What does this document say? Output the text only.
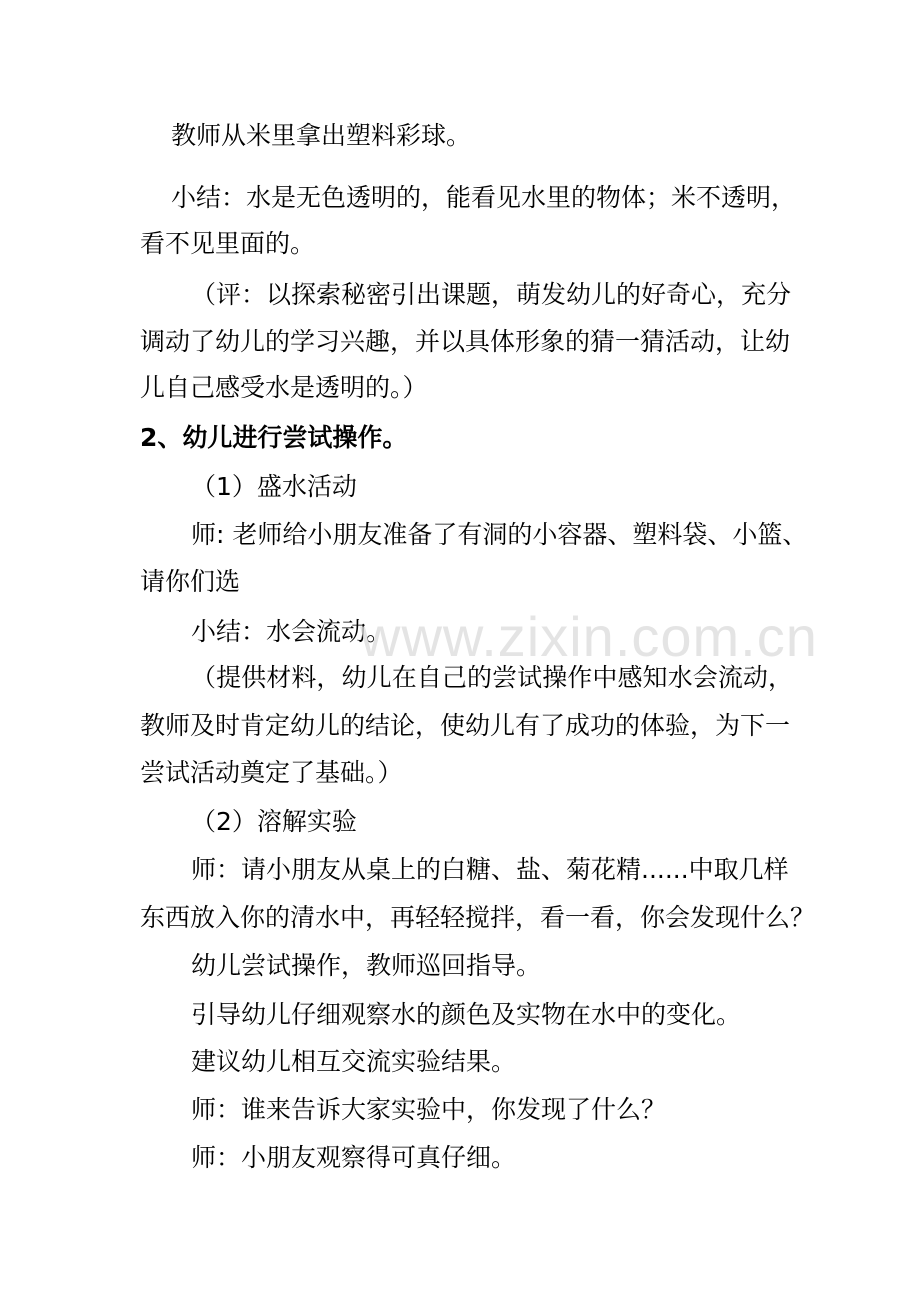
教师从米里拿出塑料彩球。
小结：水是无色透明的，能看见水里的物体；米不透明，
看不见里面的。
（评：以探索秘密引出课题，萌发幼儿的好奇心，充分
调动了幼儿的学习兴趣，并以具体形象的猜一猜活动，让幼
儿自己感受水是透明的。）
2、幼儿进行尝试操作。
（1）盛水活动
师: 老师给小朋友准备了有洞的小容器、塑料袋、小篮、
请你们选
小结：水会流动。
（提供材料，幼儿在自己的尝试操作中感知水会流动，
教师及时肯定幼儿的结论，使幼儿有了成功的体验，为下一
尝试活动奠定了基础。）
（2）溶解实验
师：请小朋友从桌上的白糖、盐、菊花精......中取几样
东西放入你的清水中，再轻轻搅拌，看一看，你会发现什么？
幼儿尝试操作，教师巡回指导。
引导幼儿仔细观察水的颜色及实物在水中的变化。
建议幼儿相互交流实验结果。
师：谁来告诉大家实验中，你发现了什么？
师：小朋友观察得可真仔细。
www.zixin.com.cn
